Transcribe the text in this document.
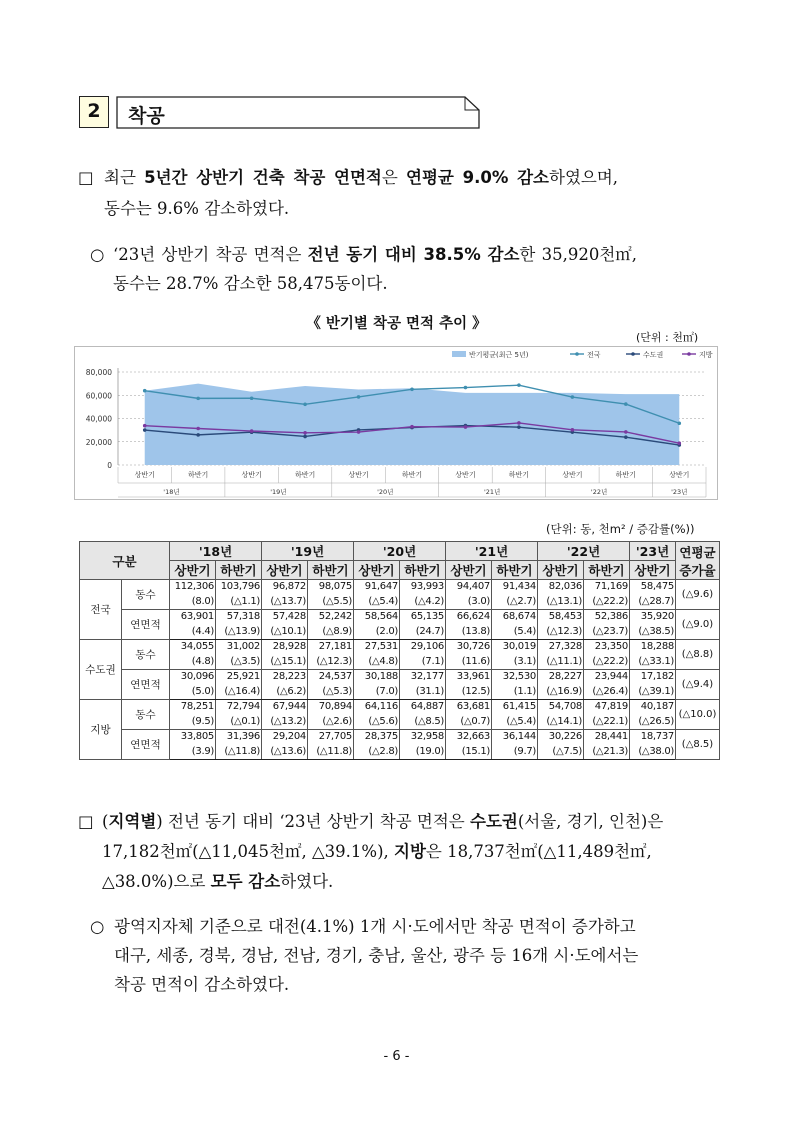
2	착공
□ 최근 5년간 상반기 건축 착공 연면적은 연평균 9.0% 감소하였으며,
동수는 9.6% 감소하였다.
○ ‘23년 상반기 착공 면적은 전년 동기 대비 38.5% 감소한 35,920천㎡,
동수는 28.7% 감소한 58,475동이다.
《 반기별 착공 면적 추이 》
(단위 : 천㎡)
0
20,000
40,000
60,000
80,000
상반기	하반기	상반기	하반기	상반기	하반기	상반기	하반기	상반기	하반기	상반기
'18년	'19년	'20년	'21년	'22년	'23년
반기평균(최근 5년)	전국	수도권	지방
(단위: 동, 천m² / 증감률(%))
구분		'18년		'19년		'20년		'21년		'22년		'23년	연평균
증가율

		상반기	하반기	상반기	하반기	상반기	하반기	상반기	하반기	상반기	하반기	상반기	
전국	동수	112,306	103,796	96,872	98,075	91,647	93,993	94,407	91,434	82,036	71,169	58,475	(△9.6)
		(8.0)	(△1.1)	(△13.7)	(△5.5)	(△5.4)	(△4.2)	(3.0)	(△2.7)	(△13.1)	(△22.2)	(△28.7)	
	연면적	63,901	57,318	57,428	52,242	58,564	65,135	66,624	68,674	58,453	52,386	35,920	(△9.0)
		(4.4)	(△13.9)	(△10.1)	(△8.9)	(2.0)	(24.7)	(13.8)	(5.4)	(△12.3)	(△23.7)	(△38.5)	
수도권	동수	34,055	31,002	28,928	27,181	27,531	29,106	30,726	30,019	27,328	23,350	18,288	(△8.8)
		(4.8)	(△3.5)	(△15.1)	(△12.3)	(△4.8)	(7.1)	(11.6)	(3.1)	(△11.1)	(△22.2)	(△33.1)	
	연면적	30,096	25,921	28,223	24,537	30,188	32,177	33,961	32,530	28,227	23,944	17,182	(△9.4)
		(5.0)	(△16.4)	(△6.2)	(△5.3)	(7.0)	(31.1)	(12.5)	(1.1)	(△16.9)	(△26.4)	(△39.1)	
지방	동수	78,251	72,794	67,944	70,894	64,116	64,887	63,681	61,415	54,708	47,819	40,187	(△10.0)
		(9.5)	(△0.1)	(△13.2)	(△2.6)	(△5.6)	(△8.5)	(△0.7)	(△5.4)	(△14.1)	(△22.1)	(△26.5)	
	연면적	33,805	31,396	29,204	27,705	28,375	32,958	32,663	36,144	30,226	28,441	18,737	(△8.5)
		(3.9)	(△11.8)	(△13.6)	(△11.8)	(△2.8)	(19.0)	(15.1)	(9.7)	(△7.5)	(△21.3)	(△38.0)	
□ (지역별) 전년 동기 대비 ‘23년 상반기 착공 면적은 수도권(서울, 경기, 인천)은
17,182천㎡(△11,045천㎡, △39.1%), 지방은 18,737천㎡(△11,489천㎡,
△38.0%)으로 모두 감소하였다.
○ 광역지자체 기준으로 대전(4.1%) 1개 시·도에서만 착공 면적이 증가하고
대구, 세종, 경북, 경남, 전남, 경기, 충남, 울산, 광주 등 16개 시·도에서는
착공 면적이 감소하였다.
- 6 -
